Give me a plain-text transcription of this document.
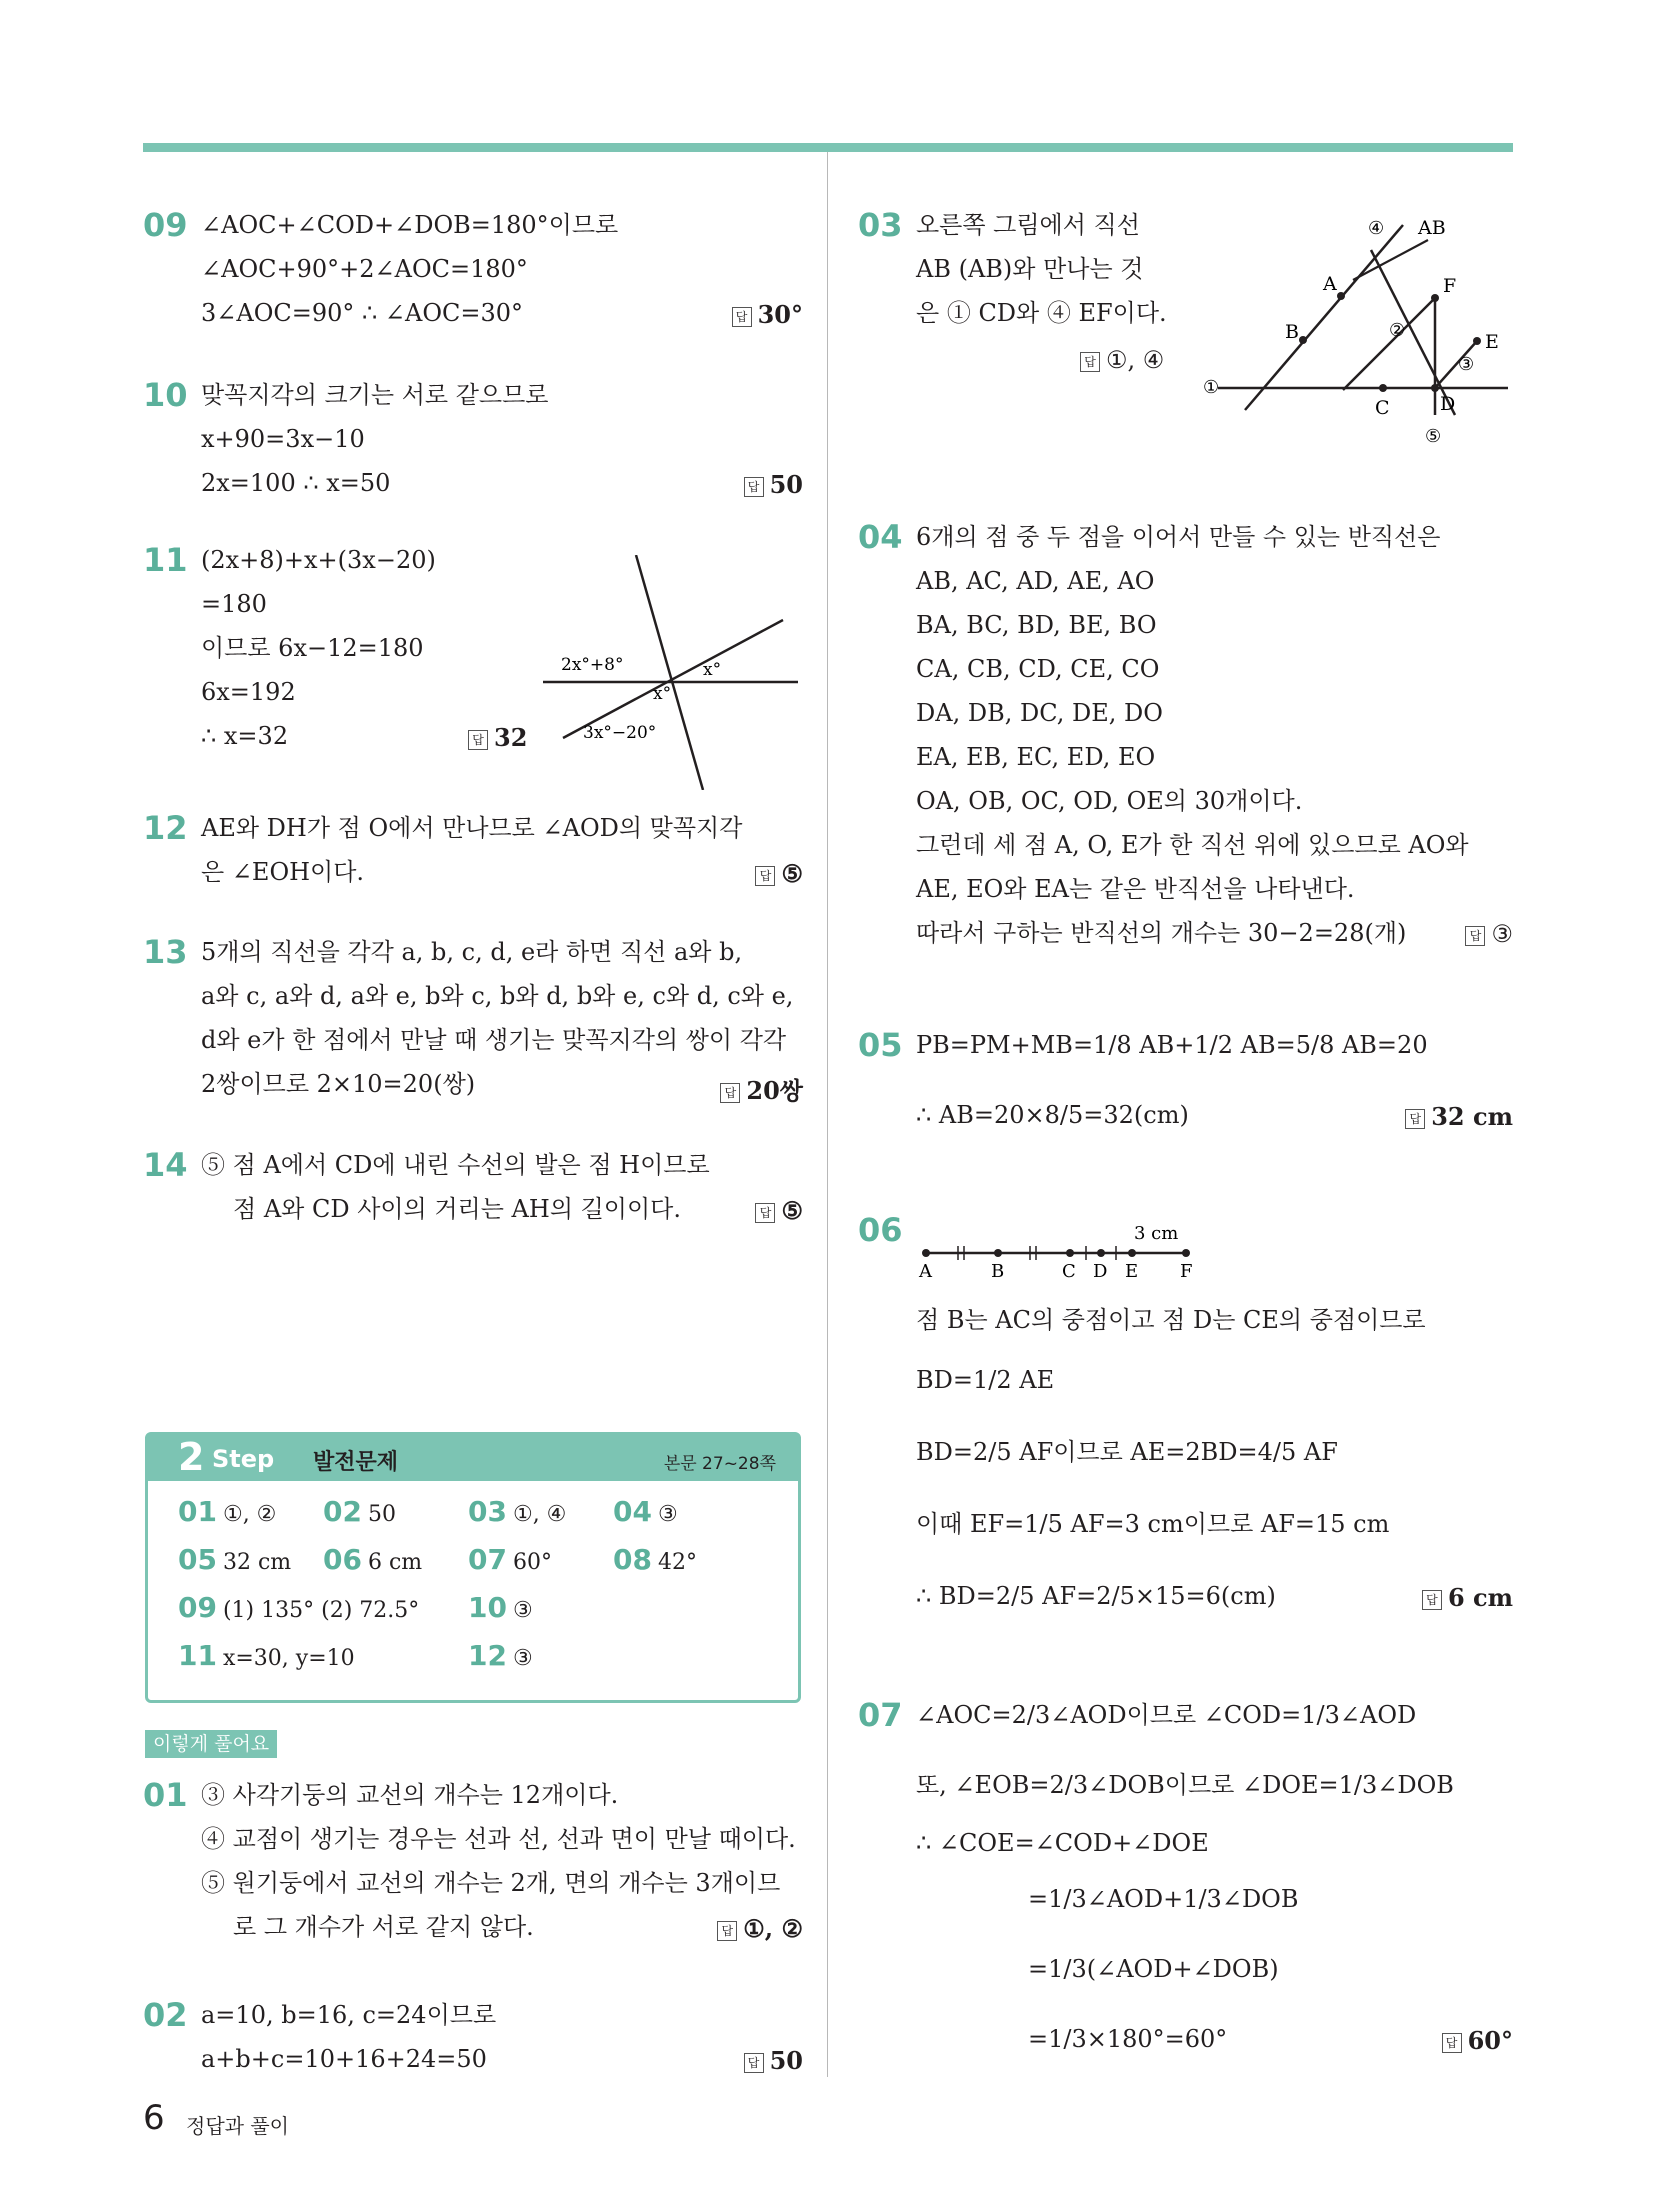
09 ∠AOC+∠COD+∠DOB=180°이므로
∠AOC+90°+2∠AOC=180°
3∠AOC=90° ∴ ∠AOC=30°	답 30°
10 맞꼭지각의 크기는 서로 같으므로
x+90=3x−10
2x=100 ∴ x=50	답 50
11 (2x+8)+x+(3x−20)
=180
이므로 6x−12=180
6x=192
∴ x=32	답 32
2x°+8°	x°
x°
3x°−20°
12 AE와 DH가 점 O에서 만나므로 ∠AOD의 맞꼭지각
은 ∠EOH이다.	답 ⑤
13 5개의 직선을 각각 a, b, c, d, e라 하면 직선 a와 b,
a와 c, a와 d, a와 e, b와 c, b와 d, b와 e, c와 d, c와 e,
d와 e가 한 점에서 만날 때 생기는 맞꼭지각의 쌍이 각각
2쌍이므로 2×10=20(쌍)	답 20쌍
14 ⑤ 점 A에서 CD에 내린 수선의 발은 점 H이므로
점 A와 CD 사이의 거리는 AH의 길이이다.	답 ⑤
2 Step 발전문제	본문 27~28쪽
01 ①, ② 02 50	03 ①, ④ 04 ③
05 32 cm 06 6 cm 07 60° 08 42°
09 (1) 135° (2) 72.5° 10 ③
11 x=30, y=10	12 ③
이렇게 풀어요
01 ③ 사각기둥의 교선의 개수는 12개이다.
④ 교점이 생기는 경우는 선과 선, 선과 면이 만날 때이다.
⑤ 원기둥에서 교선의 개수는 2개, 면의 개수는 3개이므
로 그 개수가 서로 같지 않다.	답 ①, ②
02 a=10, b=16, c=24이므로
a+b+c=10+16+24=50	답 50
03 오른쪽 그림에서 직선
AB (AB)와 만나는 것
은 ① CD와 ④ EF이다.
답 ①, ④
④ AB
A	F
B	②
E
③
①
C	D
⑤
04 6개의 점 중 두 점을 이어서 만들 수 있는 반직선은
AB, AC, AD, AE, AO
BA, BC, BD, BE, BO
CA, CB, CD, CE, CO
DA, DB, DC, DE, DO
EA, EB, EC, ED, EO
OA, OB, OC, OD, OE의 30개이다.
그런데 세 점 A, O, E가 한 직선 위에 있으므로 AO와
AE, EO와 EA는 같은 반직선을 나타낸다.
따라서 구하는 반직선의 개수는 30−2=28(개)	답 ③
05 PB=PM+MB=1/8 AB+1/2 AB=5/8 AB=20
∴ AB=20×8/5=32(cm)	답 32 cm
06	3 cm
A	B	C D E F
점 B는 AC의 중점이고 점 D는 CE의 중점이므로
BD=1/2 AE
BD=2/5 AF이므로 AE=2BD=4/5 AF
이때 EF=1/5 AF=3 cm이므로 AF=15 cm
∴ BD=2/5 AF=2/5×15=6(cm)	답 6 cm
07 ∠AOC=2/3∠AOD이므로 ∠COD=1/3∠AOD
또, ∠EOB=2/3∠DOB이므로 ∠DOE=1/3∠DOB
∴ ∠COE=∠COD+∠DOE
=1/3∠AOD+1/3∠DOB
=1/3(∠AOD+∠DOB)
=1/3×180°=60°	답 60°
6 정답과 풀이
